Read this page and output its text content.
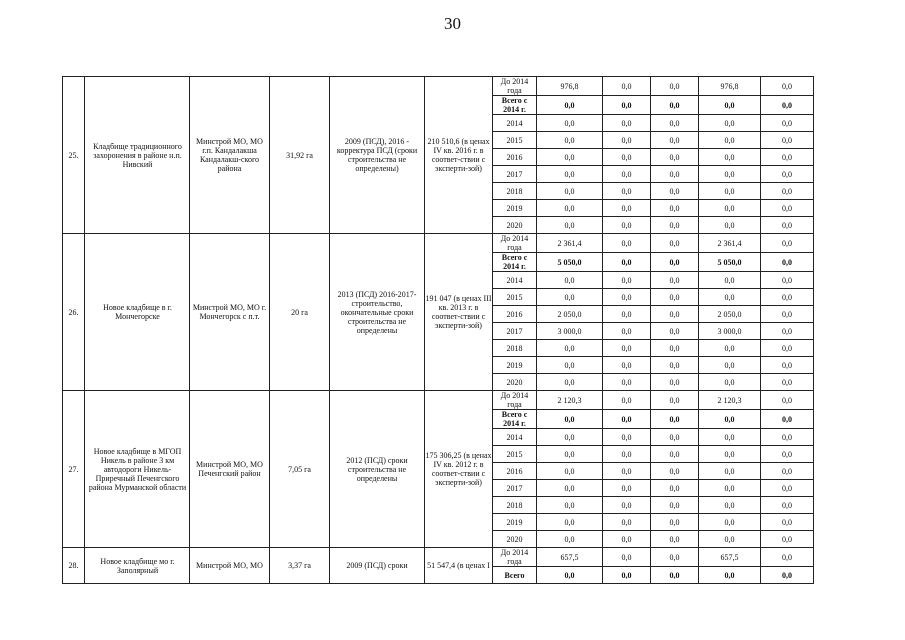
30
25.	Кладбище традиционного захоронения в районе н.п. Нивский	Минстрой МО, МО г.п. Кандалакша Кандалакш-ского района	31,92 га	2009 (ПСД), 2016 - корректура ПСД (сроки строительства не определены)	210 510,6 (в ценах IV кв. 2016 г. в соответ-ствии с эксперти-зой)	До 2014 года	976,8	0,0	0,0	976,8	0,0
						Всего с 2014 г.	0,0	0,0	0,0	0,0	0,0
						2014	0,0	0,0	0,0	0,0	0,0
						2015	0,0	0,0	0,0	0,0	0,0
						2016	0,0	0,0	0,0	0,0	0,0
						2017	0,0	0,0	0,0	0,0	0,0
						2018	0,0	0,0	0,0	0,0	0,0
						2019	0,0	0,0	0,0	0,0	0,0
						2020	0,0	0,0	0,0	0,0	0,0
26.	Новое кладбище в г. Мончегорске	Минстрой МО, МО г. Мончегорск с п.т.	20 га	2013 (ПСД) 2016-2017- строительство, окончательные сроки строительства не определены	191 047 (в ценах III кв. 2013 г. в соответ-ствии с эксперти-зой)	До 2014 года	2 361,4	0,0	0,0	2 361,4	0,0
						Всего с 2014 г.	5 050,0	0,0	0,0	5 050,0	0,0
						2014	0,0	0,0	0,0	0,0	0,0
						2015	0,0	0,0	0,0	0,0	0,0
						2016	2 050,0	0,0	0,0	2 050,0	0,0
						2017	3 000,0	0,0	0,0	3 000,0	0,0
						2018	0,0	0,0	0,0	0,0	0,0
						2019	0,0	0,0	0,0	0,0	0,0
						2020	0,0	0,0	0,0	0,0	0,0
27.	Новое кладбище в МГОП Никель в районе 3 км автодороги Никель-Приречный Печенгского района Мурманской области	Минстрой МО, МО Печенгский район	7,05 га	2012 (ПСД) сроки строительства не определены	175 306,25 (в ценах IV кв. 2012 г. в соответ-ствии с эксперти-зой)	До 2014 года	2 120,3	0,0	0,0	2 120,3	0,0
						Всего с 2014 г.	0,0	0,0	0,0	0,0	0,0
						2014	0,0	0,0	0,0	0,0	0,0
						2015	0,0	0,0	0,0	0,0	0,0
						2016	0,0	0,0	0,0	0,0	0,0
						2017	0,0	0,0	0,0	0,0	0,0
						2018	0,0	0,0	0,0	0,0	0,0
						2019	0,0	0,0	0,0	0,0	0,0
						2020	0,0	0,0	0,0	0,0	0,0
28.	Новое кладбище мо г. Заполярный	Минстрой МО, МО	3,37 га	2009 (ПСД) сроки	51 547,4 (в ценах I	До 2014 года	657,5	0,0	0,0	657,5	0,0
						Всего	0,0	0,0	0,0	0,0	0,0
